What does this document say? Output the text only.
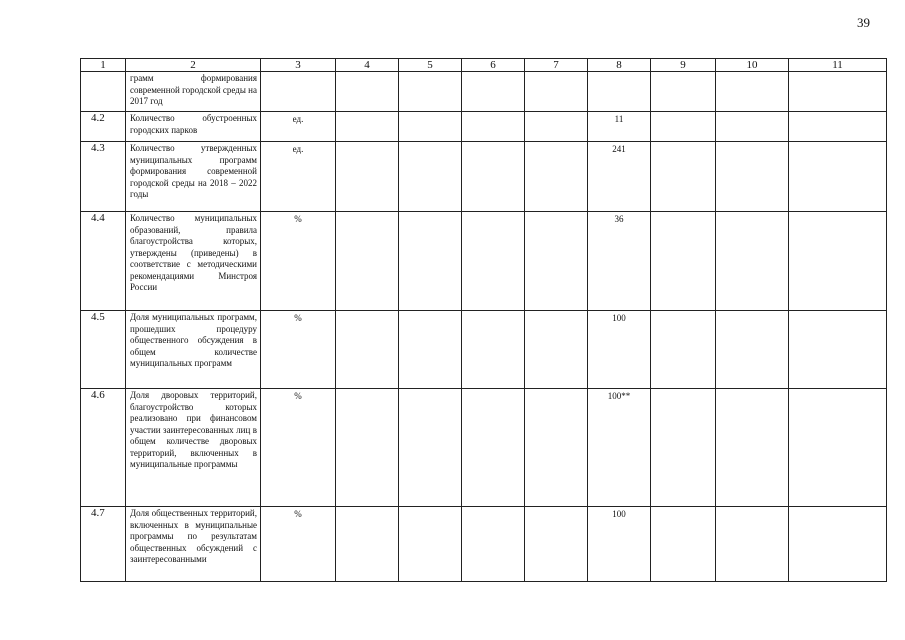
39
1	2	3	4	5	6	7	8	9	10	11
	грамм формирования современной городской среды на 2017 год									
4.2	Количество обустроенных городских парков	ед.					11			
4.3	Количество утвержденных муниципальных программ формирования современной городской среды на 2018 – 2022 годы	ед.					241			
4.4	Количество муниципальных образований, правила благоустройства которых, утверждены (приведены) в соответствие с методическими рекомендациями Минстроя России	%					36			
4.5	Доля муниципальных программ, прошедших процедуру общественного обсуждения в общем количестве муниципальных программ	%					100			
4.6	Доля дворовых территорий, благоустройство которых реализовано при финансовом участии заинтересованных лиц в общем количестве дворовых территорий, включенных в муниципальные программы	%					100**			
4.7	Доля общественных территорий, включенных в муниципальные программы по результатам общественных обсуждений с заинтересованными	%					100			
